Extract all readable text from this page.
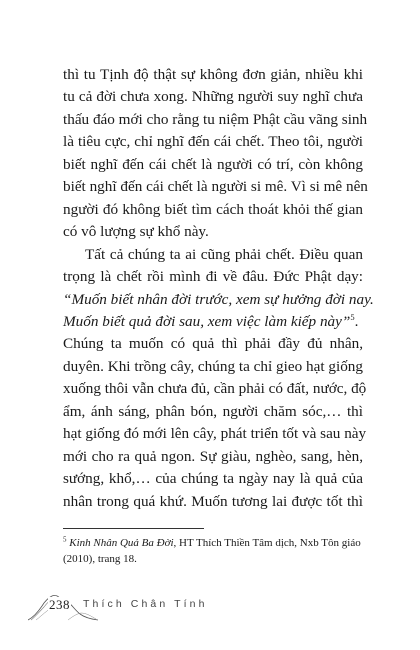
thì tu Tịnh độ thật sự không đơn giản, nhiều khi
tu cả đời chưa xong. Những người suy nghĩ chưa
thấu đáo mới cho rằng tu niệm Phật cầu vãng sinh
là tiêu cực, chỉ nghĩ đến cái chết. Theo tôi, người
biết nghĩ đến cái chết là người có trí, còn không
biết nghĩ đến cái chết là người si mê. Vì si mê nên
người đó không biết tìm cách thoát khỏi thế gian
có vô lượng sự khổ này.
Tất cả chúng ta ai cũng phải chết. Điều quan
trọng là chết rồi mình đi về đâu. Đức Phật dạy:
“Muốn biết nhân đời trước, xem sự hưởng đời nay.
Muốn biết quả đời sau, xem việc làm kiếp này”$^5$.
Chúng ta muốn có quả thì phải đầy đủ nhân,
duyên. Khi trồng cây, chúng ta chỉ gieo hạt giống
xuống thôi vẫn chưa đủ, cần phải có đất, nước, độ
ẩm, ánh sáng, phân bón, người chăm sóc,… thì
hạt giống đó mới lên cây, phát triển tốt và sau này
mới cho ra quả ngon. Sự giàu, nghèo, sang, hèn,
sướng, khổ,… của chúng ta ngày nay là quả của
nhân trong quá khứ. Muốn tương lai được tốt thì
$^5$ Kinh Nhân Quả Ba Đời, HT Thích Thiền Tâm dịch, Nxb Tôn giáo
(2010), trang 18.
238 Thích Chân Tính
